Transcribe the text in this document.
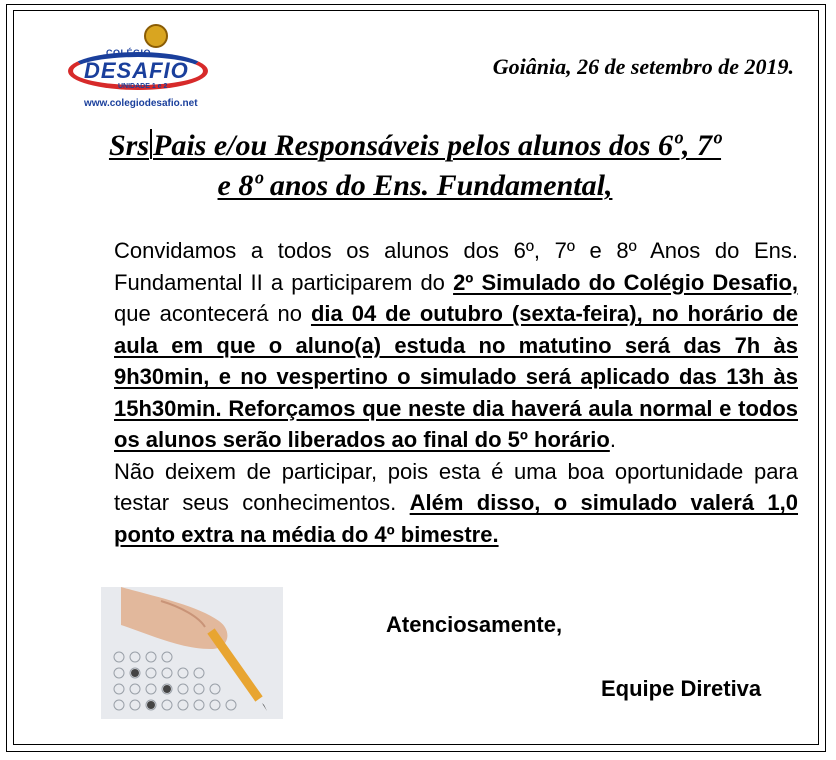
COLÉGIO
DESAFIO
UNIDADE 1 e 2
www.colegiodesafio.net
Goiânia, 26 de setembro de 2019.
Srs Pais e/ou Responsáveis pelos alunos dos 6º, 7º
e 8º anos do Ens. Fundamental,

Convidamos a todos os alunos dos 6º, 7º e 8º Anos do Ens. Fundamental II a participarem do 2º Simulado do Colégio Desafio, que acontecerá no dia 04 de outubro (sexta-feira), no horário de aula em que o aluno(a) estuda no matutino será das 7h às 9h30min, e no vespertino o simulado será aplicado das 13h às 15h30min. Reforçamos que neste dia haverá aula normal e todos os alunos serão liberados ao final do 5º horário.

Não deixem de participar, pois esta é uma boa oportunidade para testar seus conhecimentos. Além disso, o simulado valerá 1,0 ponto extra na média do 4º bimestre.

Atenciosamente,
Equipe Diretiva
